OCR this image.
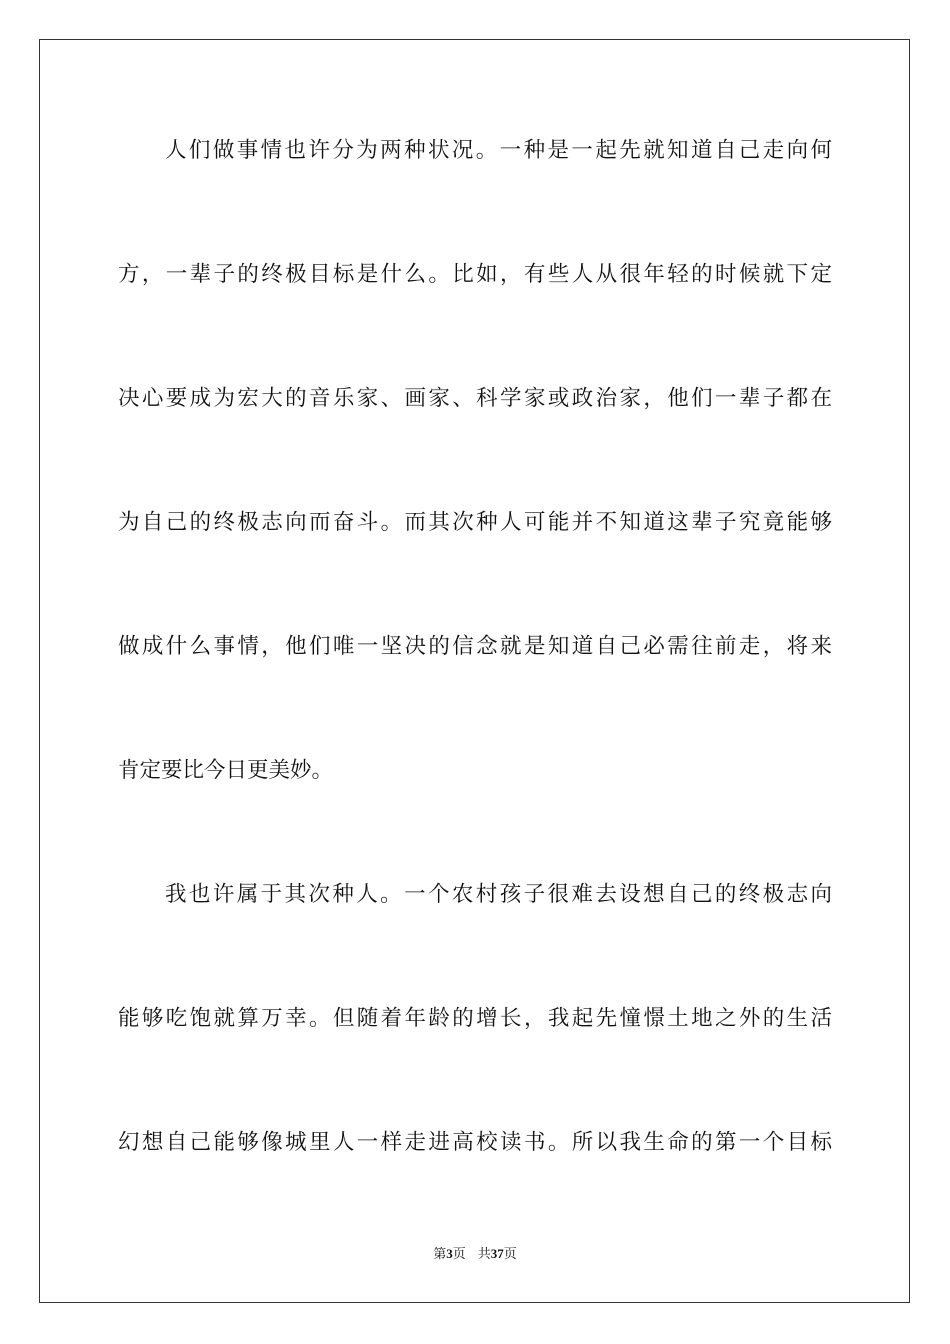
人们做事情也许分为两种状况。一种是一起先就知道自己走向何
方，一辈子的终极目标是什么。比如，有些人从很年轻的时候就下定
决心要成为宏大的音乐家、画家、科学家或政治家，他们一辈子都在
为自己的终极志向而奋斗。而其次种人可能并不知道这辈子究竟能够
做成什么事情，他们唯一坚决的信念就是知道自己必需往前走，将来
肯定要比今日更美妙。
我也许属于其次种人。一个农村孩子很难去设想自己的终极志向
能够吃饱就算万幸。但随着年龄的增长，我起先憧憬土地之外的生活
幻想自己能够像城里人一样走进高校读书。所以我生命的第一个目标
第3页 共37页
